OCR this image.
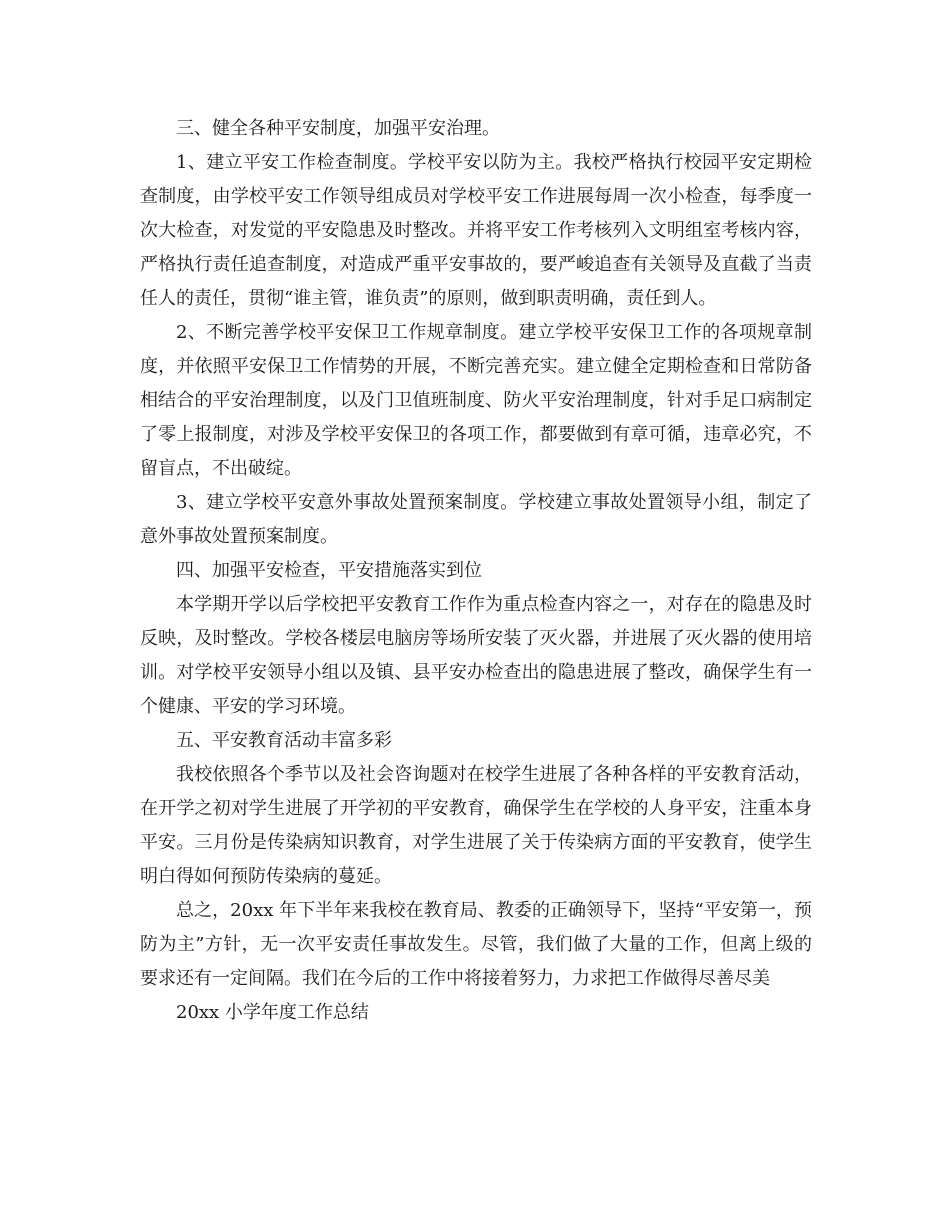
三、健全各种平安制度，加强平安治理。

1、建立平安工作检查制度。学校平安以防为主。我校严格执行校园平安定期检查制度，由学校平安工作领导组成员对学校平安工作进展每周一次小检查，每季度一次大检查，对发觉的平安隐患及时整改。并将平安工作考核列入文明组室考核内容，严格执行责任追查制度，对造成严重平安事故的，要严峻追查有关领导及直截了当责任人的责任，贯彻“谁主管，谁负责”的原则，做到职责明确，责任到人。

2、不断完善学校平安保卫工作规章制度。建立学校平安保卫工作的各项规章制度，并依照平安保卫工作情势的开展，不断完善充实。建立健全定期检查和日常防备相结合的平安治理制度，以及门卫值班制度、防火平安治理制度，针对手足口病制定了零上报制度，对涉及学校平安保卫的各项工作，都要做到有章可循，违章必究，不留盲点，不出破绽。

3、建立学校平安意外事故处置预案制度。学校建立事故处置领导小组，制定了意外事故处置预案制度。

四、加强平安检查，平安措施落实到位

本学期开学以后学校把平安教育工作作为重点检查内容之一，对存在的隐患及时反映，及时整改。学校各楼层电脑房等场所安装了灭火器，并进展了灭火器的使用培训。对学校平安领导小组以及镇、县平安办检查出的隐患进展了整改，确保学生有一个健康、平安的学习环境。

五、平安教育活动丰富多彩

我校依照各个季节以及社会咨询题对在校学生进展了各种各样的平安教育活动，在开学之初对学生进展了开学初的平安教育，确保学生在学校的人身平安，注重本身平安。三月份是传染病知识教育，对学生进展了关于传染病方面的平安教育，使学生明白得如何预防传染病的蔓延。

总之，20xx 年下半年来我校在教育局、教委的正确领导下，坚持“平安第一，预防为主”方针，无一次平安责任事故发生。尽管，我们做了大量的工作，但离上级的要求还有一定间隔。我们在今后的工作中将接着努力，力求把工作做得尽善尽美

20xx 小学年度工作总结
